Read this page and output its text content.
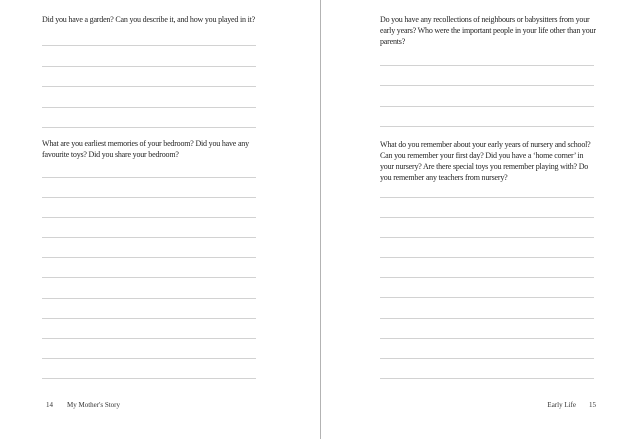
Did you have a garden? Can you describe it, and how you played in it?

What are you earliest memories of your bedroom? Did you have any favourite toys? Did you share your bedroom?

14 My Mother's Story

Do you have any recollections of neighbours or babysitters from your early years? Who were the important people in your life other than your parents?

What do you remember about your early years of nursery and school? Can you remember your first day? Did you have a ‘home corner’ in your nursery? Are there special toys you remember playing with? Do you remember any teachers from nursery?

Early Life 15
